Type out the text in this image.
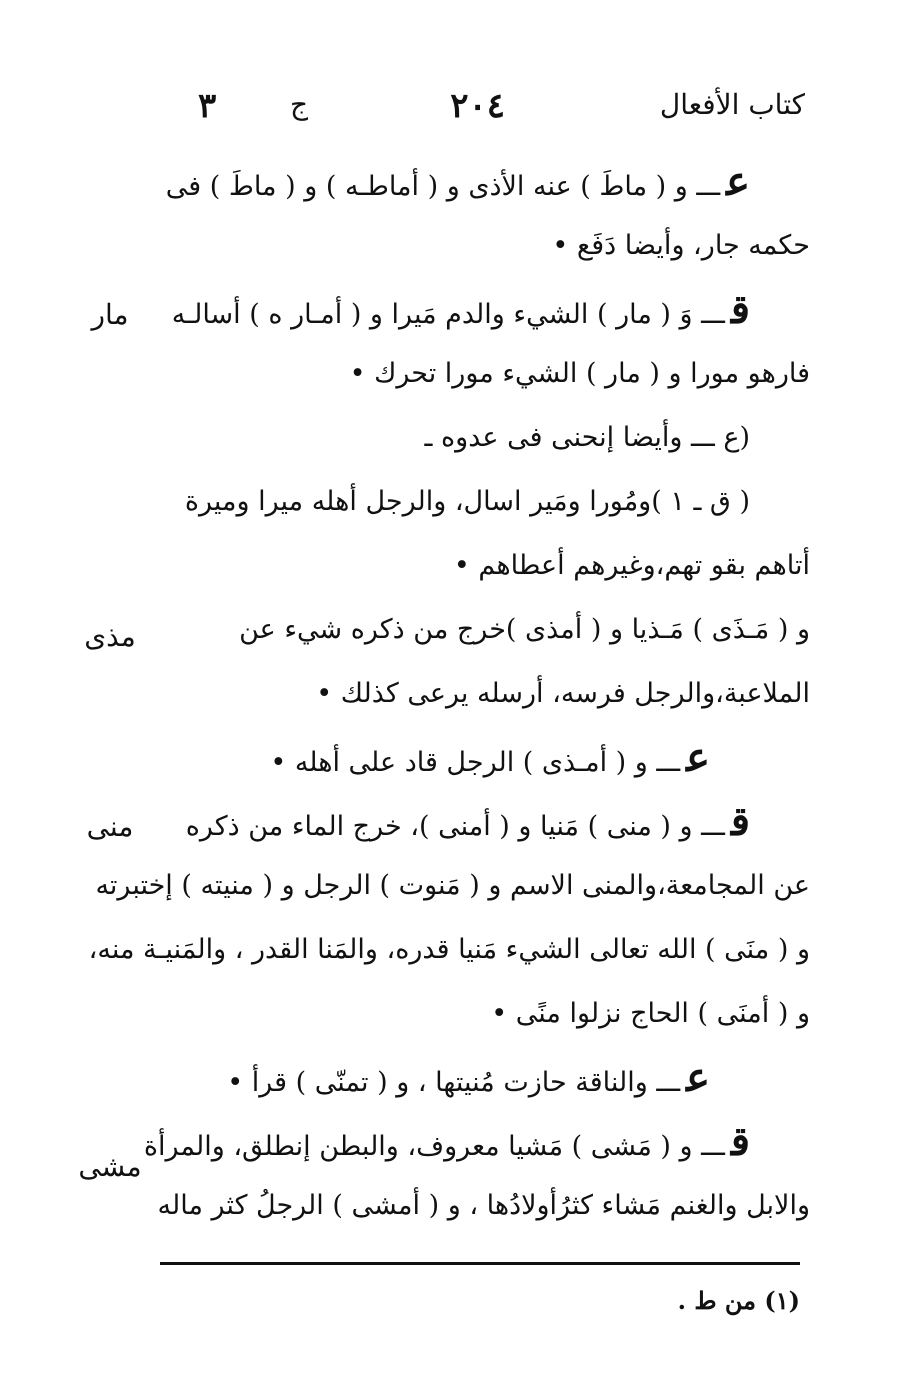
كتاب الأفعال
٢٠٤
ج
٣
عـــ و ( ماطَ ) عنه الأذى و ( أماطـه ) و ( ماطَ ) فى
حكمه جار، وأيضا دَفَع •
قـــ وَ ( مار ) الشيء والدم مَيرا و ( أمـار ه ) أسالـه
فارهو مورا و ( مار ) الشيء مورا تحرك •
(ع ـــ وأيضا إنحنى فى عدوه ـ
( ق ـ ١ )ومُورا ومَير اسال، والرجل أهله ميرا وميرة
أتاهم بقو تهم،وغيرهم أعطاهم •
و ( مَـذَى ) مَـذيا و ( أمذى )خرج من ذكره شيء عن
الملاعبة،والرجل فرسه، أرسله يرعى كذلك •
عـــ و ( أمـذى ) الرجل قاد على أهله •
قـــ و ( منى ) مَنيا و ( أمنى )، خرج الماء من ذكره
عن المجامعة،والمنى الاسم و ( مَنوت ) الرجل و ( منيته ) إختبرته
و ( منَى ) الله تعالى الشيء مَنيا قدره، والمَنا القدر ، والمَنيـة منه،
و ( أمنَى ) الحاج نزلوا منًى •
عـــ والناقة حازت مُنيتها ، و ( تمنّى ) قرأ •
قـــ و ( مَشى ) مَشيا معروف، والبطن إنطلق، والمرأة
والابل والغنم مَشاء كثرُأولادُها ، و ( أمشى ) الرجلُ كثر ماله
مار
مذى
منى
مشى
(١) من ط .
